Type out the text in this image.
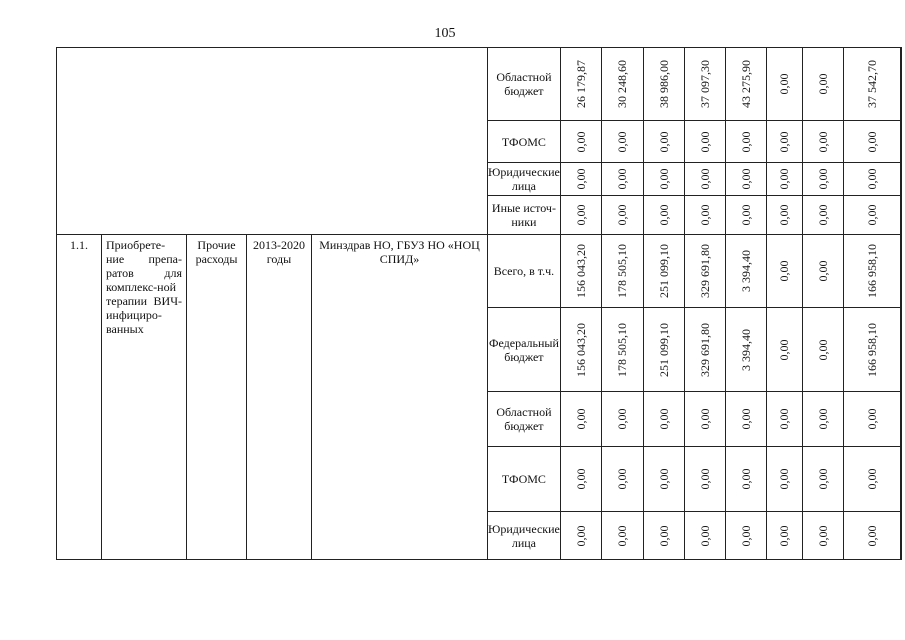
105
					Областной бюджет	26 179,87	30 248,60	38 986,00	37 097,30	43 275,90	0,00	0,00	37 542,70

					ТФОМС	0,00	0,00	0,00	0,00	0,00	0,00	0,00	0,00

					Юридические лица	0,00	0,00	0,00	0,00	0,00	0,00	0,00	0,00

					Иные источ-ники	0,00	0,00	0,00	0,00	0,00	0,00	0,00	0,00

1.1.	Приобрете-ние препа-ратов для комплекс-ной терапии ВИЧ-инфициро-ванных	Прочие расходы	2013-2020 годы	Минздрав НО, ГБУЗ НО «НОЦ СПИД»	Всего, в т.ч.	156 043,20	178 505,10	251 099,10	329 691,80	3 394,40	0,00	0,00	166 958,10

					Федеральный бюджет	156 043,20	178 505,10	251 099,10	329 691,80	3 394,40	0,00	0,00	166 958,10

					Областной бюджет	0,00	0,00	0,00	0,00	0,00	0,00	0,00	0,00

					ТФОМС	0,00	0,00	0,00	0,00	0,00	0,00	0,00	0,00

					Юридические лица	0,00	0,00	0,00	0,00	0,00	0,00	0,00	0,00
